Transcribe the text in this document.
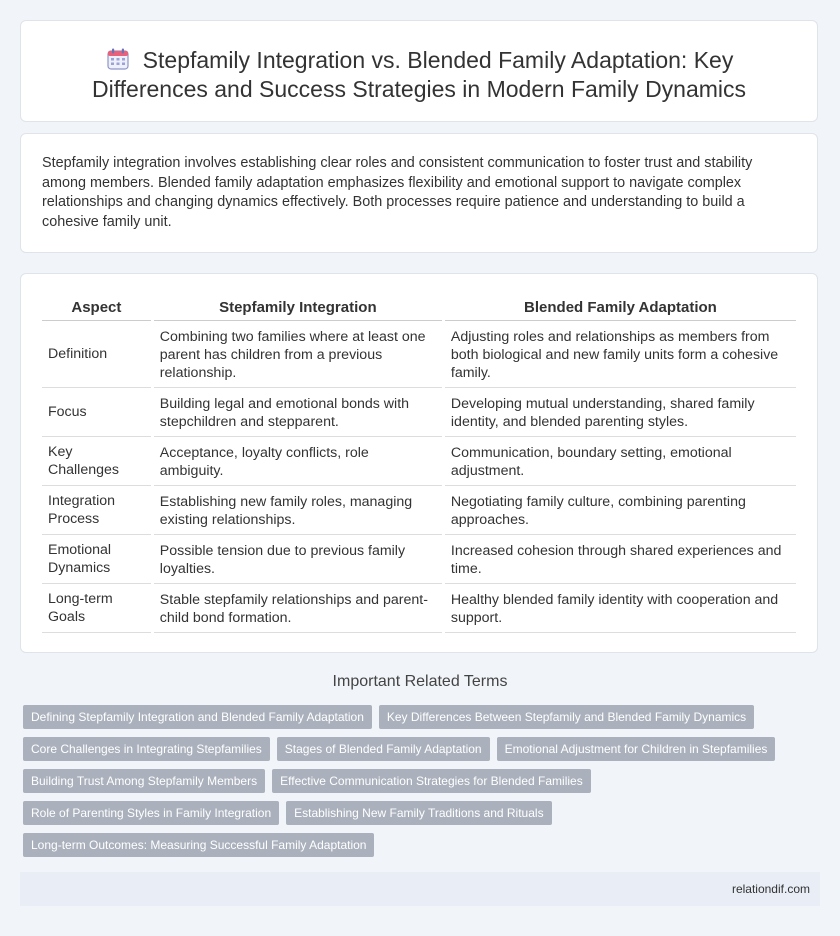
Stepfamily Integration vs. Blended Family Adaptation: Key Differences and Success Strategies in Modern Family Dynamics

Stepfamily integration involves establishing clear roles and consistent communication to foster trust and stability among members. Blended family adaptation emphasizes flexibility and emotional support to navigate complex relationships and changing dynamics effectively. Both processes require patience and understanding to build a cohesive family unit.

Aspect	Stepfamily Integration	Blended Family Adaptation
Definition	Combining two families where at least one parent has children from a previous relationship.	Adjusting roles and relationships as members from both biological and new family units form a cohesive family.
Focus	Building legal and emotional bonds with stepchildren and stepparent.	Developing mutual understanding, shared family identity, and blended parenting styles.
Key Challenges	Acceptance, loyalty conflicts, role ambiguity.	Communication, boundary setting, emotional adjustment.
Integration Process	Establishing new family roles, managing existing relationships.	Negotiating family culture, combining parenting approaches.
Emotional Dynamics	Possible tension due to previous family loyalties.	Increased cohesion through shared experiences and time.
Long-term Goals	Stable stepfamily relationships and parent-child bond formation.	Healthy blended family identity with cooperation and support.
Important Related Terms
Defining Stepfamily Integration and Blended Family Adaptation	Key Differences Between Stepfamily and Blended Family Dynamics
Core Challenges in Integrating Stepfamilies	Stages of Blended Family Adaptation	Emotional Adjustment for Children in Stepfamilies
Building Trust Among Stepfamily Members	Effective Communication Strategies for Blended Families
Role of Parenting Styles in Family Integration	Establishing New Family Traditions and Rituals
Long-term Outcomes: Measuring Successful Family Adaptation
relationdif.com
